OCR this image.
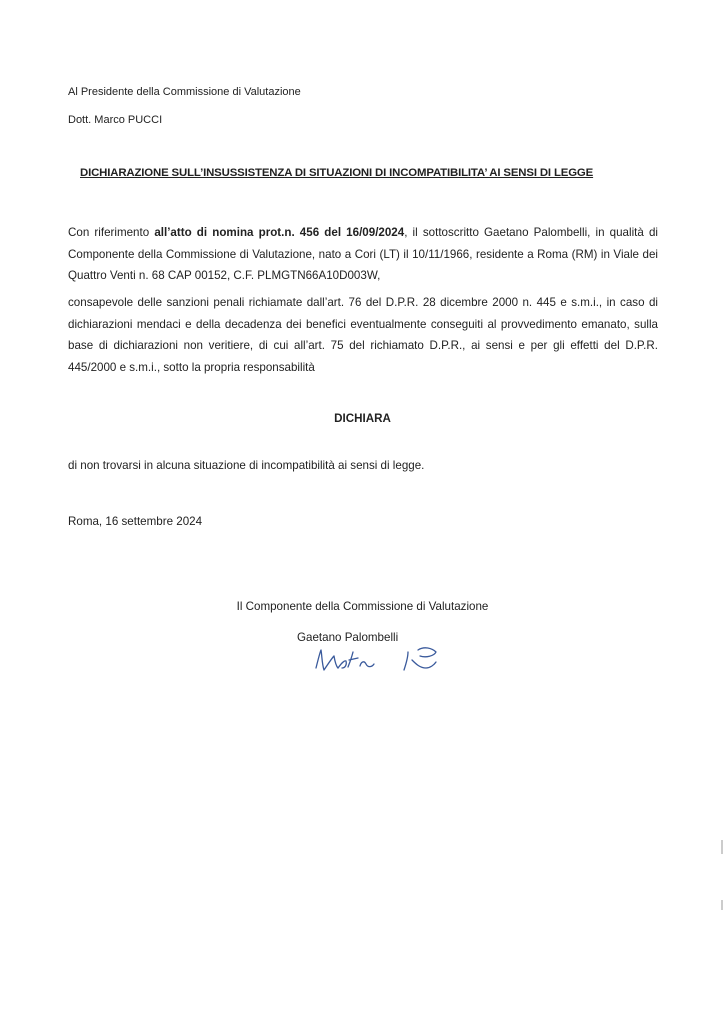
Al Presidente della Commissione di Valutazione
Dott. Marco PUCCI
DICHIARAZIONE SULL’INSUSSISTENZA DI SITUAZIONI DI INCOMPATIBILITA’ AI SENSI DI LEGGE
Con riferimento all’atto di nomina prot.n. 456 del 16/09/2024, il sottoscritto Gaetano Palombelli, in qualità di Componente della Commissione di Valutazione, nato a Cori (LT) il 10/11/1966, residente a Roma (RM) in Viale dei Quattro Venti n. 68 CAP 00152, C.F. PLMGTN66A10D003W,
consapevole delle sanzioni penali richiamate dall’art. 76 del D.P.R. 28 dicembre 2000 n. 445 e s.m.i., in caso di dichiarazioni mendaci e della decadenza dei benefici eventualmente conseguiti al provvedimento emanato, sulla base di dichiarazioni non veritiere, di cui all’art. 75 del richiamato D.P.R., ai sensi e per gli effetti del D.P.R. 445/2000 e s.m.i., sotto la propria responsabilità
DICHIARA
di non trovarsi in alcuna situazione di incompatibilità ai sensi di legge.
Roma, 16 settembre 2024
Il Componente della Commissione di Valutazione
Gaetano Palombelli
